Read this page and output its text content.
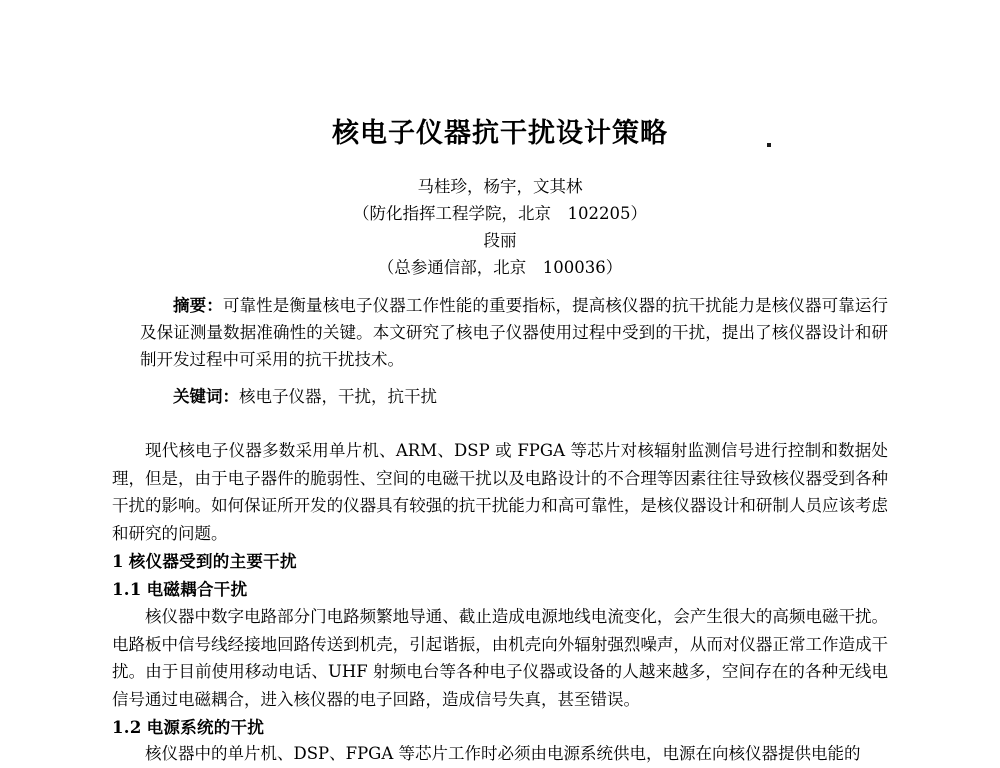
核电子仪器抗干扰设计策略
马桂珍，杨宇，文其林
（防化指挥工程学院，北京　102205）
段丽
（总参通信部，北京　100036）
摘要：可靠性是衡量核电子仪器工作性能的重要指标，提高核仪器的抗干扰能力是核仪器可靠运行及保证测量数据准确性的关键。本文研究了核电子仪器使用过程中受到的干扰，提出了核仪器设计和研制开发过程中可采用的抗干扰技术。
关键词：核电子仪器，干扰，抗干扰

现代核电子仪器多数采用单片机、ARM、DSP 或 FPGA 等芯片对核辐射监测信号进行控制和数据处理，但是，由于电子器件的脆弱性、空间的电磁干扰以及电路设计的不合理等因素往往导致核仪器受到各种干扰的影响。如何保证所开发的仪器具有较强的抗干扰能力和高可靠性，是核仪器设计和研制人员应该考虑和研究的问题。

1 核仪器受到的主要干扰
1.1 电磁耦合干扰

核仪器中数字电路部分门电路频繁地导通、截止造成电源地线电流变化，会产生很大的高频电磁干扰。电路板中信号线经接地回路传送到机壳，引起谐振，由机壳向外辐射强烈噪声，从而对仪器正常工作造成干扰。由于目前使用移动电话、UHF 射频电台等各种电子仪器或设备的人越来越多，空间存在的各种无线电信号通过电磁耦合，进入核仪器的电子回路，造成信号失真，甚至错误。

1.2 电源系统的干扰

核仪器中的单片机、DSP、FPGA 等芯片工作时必须由电源系统供电，电源在向核仪器提供电能的
